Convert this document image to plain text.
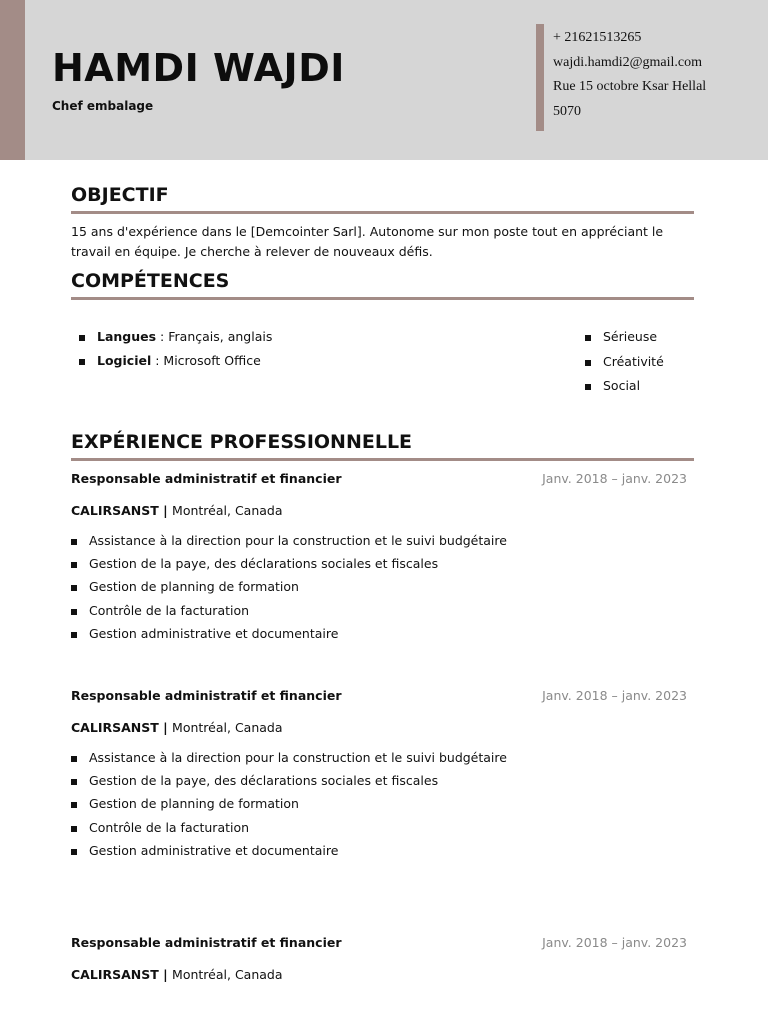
HAMDI WAJDI
Chef embalage
+ 21621513265
wajdi.hamdi2@gmail.com
Rue 15 octobre Ksar Hellal
5070
OBJECTIF
15 ans d'expérience dans le [Demcointer Sarl]. Autonome sur mon poste tout en appréciant le travail en équipe. Je cherche à relever de nouveaux défis.
COMPÉTENCES
Langues : Français, anglais
Logiciel : Microsoft Office
Sérieuse
Créativité
Social
EXPÉRIENCE PROFESSIONNELLE
Responsable administratif et financier	Janv. 2018 – janv. 2023
CALIRSANST | Montréal, Canada
Assistance à la direction pour la construction et le suivi budgétaire
Gestion de la paye, des déclarations sociales et fiscales
Gestion de planning de formation
Contrôle de la facturation
Gestion administrative et documentaire
Responsable administratif et financier	Janv. 2018 – janv. 2023
CALIRSANST | Montréal, Canada
Assistance à la direction pour la construction et le suivi budgétaire
Gestion de la paye, des déclarations sociales et fiscales
Gestion de planning de formation
Contrôle de la facturation
Gestion administrative et documentaire
Responsable administratif et financier	Janv. 2018 – janv. 2023
CALIRSANST | Montréal, Canada
